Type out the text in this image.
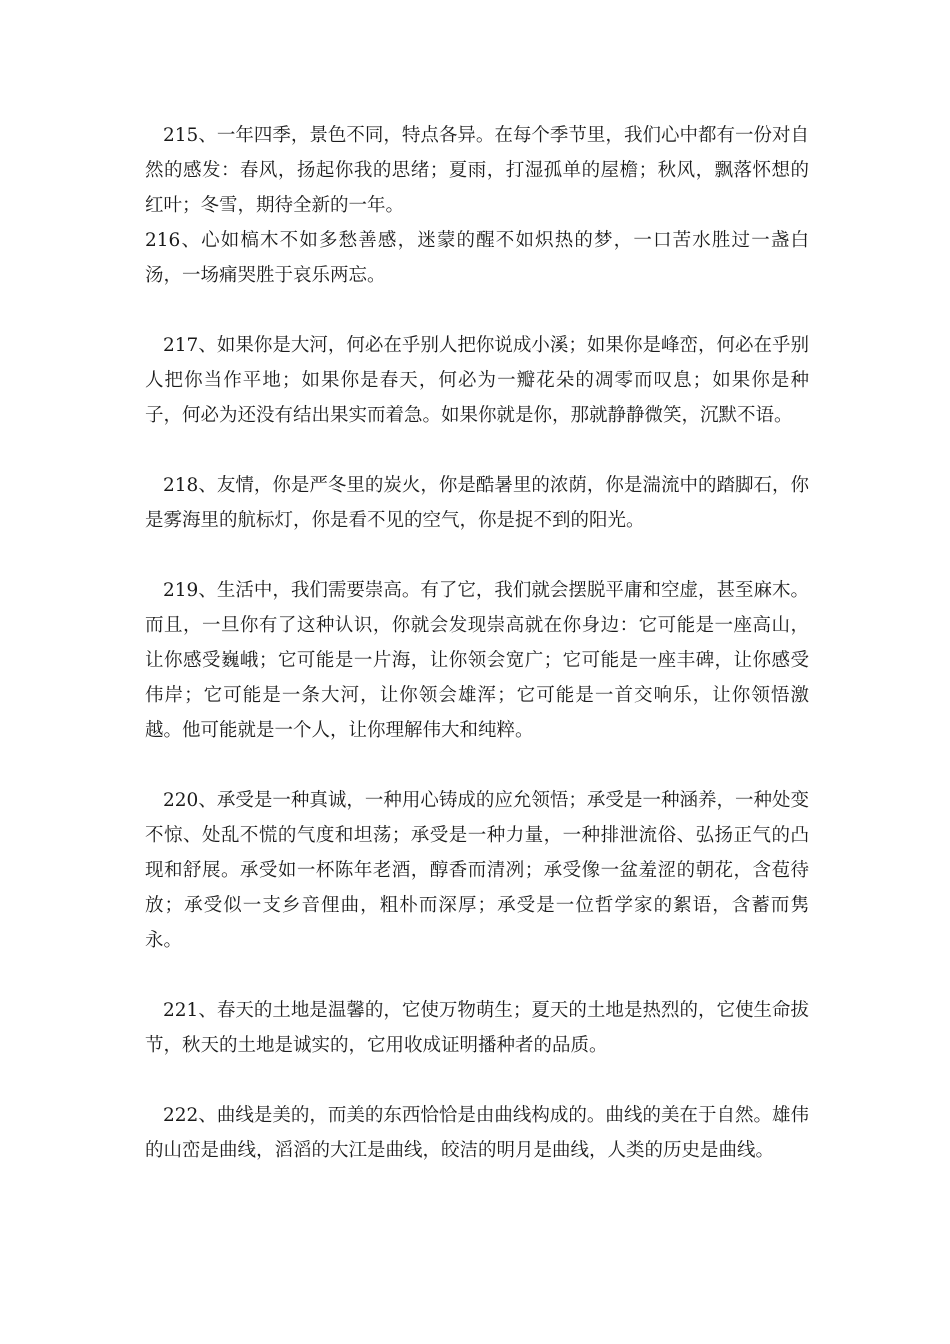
215、一年四季，景色不同，特点各异。在每个季节里，我们心中都有一份对自然的感发：春风，扬起你我的思绪；夏雨，打湿孤单的屋檐；秋风，飘落怀想的红叶；冬雪，期待全新的一年。

216、心如槁木不如多愁善感，迷蒙的醒不如炽热的梦，一口苦水胜过一盏白汤，一场痛哭胜于哀乐两忘。

217、如果你是大河，何必在乎别人把你说成小溪；如果你是峰峦，何必在乎别人把你当作平地；如果你是春天，何必为一瓣花朵的凋零而叹息；如果你是种子，何必为还没有结出果实而着急。如果你就是你，那就静静微笑，沉默不语。

218、友情，你是严冬里的炭火，你是酷暑里的浓荫，你是湍流中的踏脚石，你是雾海里的航标灯，你是看不见的空气，你是捉不到的阳光。

219、生活中，我们需要崇高。有了它，我们就会摆脱平庸和空虚，甚至麻木。而且，一旦你有了这种认识，你就会发现崇高就在你身边：它可能是一座高山，让你感受巍峨；它可能是一片海，让你领会宽广；它可能是一座丰碑，让你感受伟岸；它可能是一条大河，让你领会雄浑；它可能是一首交响乐，让你领悟激越。他可能就是一个人，让你理解伟大和纯粹。

220、承受是一种真诚，一种用心铸成的应允领悟；承受是一种涵养，一种处变不惊、处乱不慌的气度和坦荡；承受是一种力量，一种排泄流俗、弘扬正气的凸现和舒展。承受如一杯陈年老酒，醇香而清冽；承受像一盆羞涩的朝花，含苞待放；承受似一支乡音俚曲，粗朴而深厚；承受是一位哲学家的絮语，含蓄而隽永。

221、春天的土地是温馨的，它使万物萌生；夏天的土地是热烈的，它使生命拔节，秋天的土地是诚实的，它用收成证明播种者的品质。

222、曲线是美的，而美的东西恰恰是由曲线构成的。曲线的美在于自然。雄伟的山峦是曲线，滔滔的大江是曲线，皎洁的明月是曲线，人类的历史是曲线。
